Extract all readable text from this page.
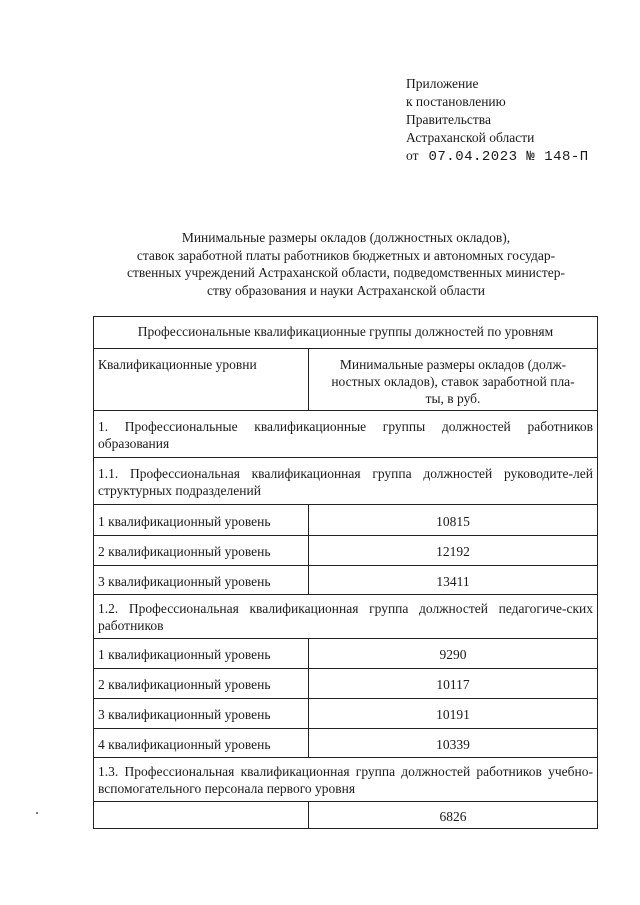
Приложение
к постановлению
Правительства
Астраханской области
от 07.04.2023 № 148-П
Минимальные размеры окладов (должностных окладов),
ставок заработной платы работников бюджетных и автономных государ-
ственных учреждений Астраханской области, подведомственных министер-
ству образования и науки Астраханской области
Профессиональные квалификационные группы должностей по уровням	
Квалификационные уровни	Минимальные размеры окладов (долж-ностных окладов), ставок заработной пла-ты, в руб.
1. Профессиональные квалификационные группы должностей работников образования	
1.1. Профессиональная квалификационная группа должностей руководите-лей структурных подразделений	
1 квалификационный уровень	10815
2 квалификационный уровень	12192
3 квалификационный уровень	13411
1.2. Профессиональная квалификационная группа должностей педагогиче-ских работников	
1 квалификационный уровень	9290
2 квалификационный уровень	10117
3 квалификационный уровень	10191
4 квалификационный уровень	10339
1.3. Профессиональная квалификационная группа должностей работников учебно-вспомогательного персонала первого уровня	
	6826
